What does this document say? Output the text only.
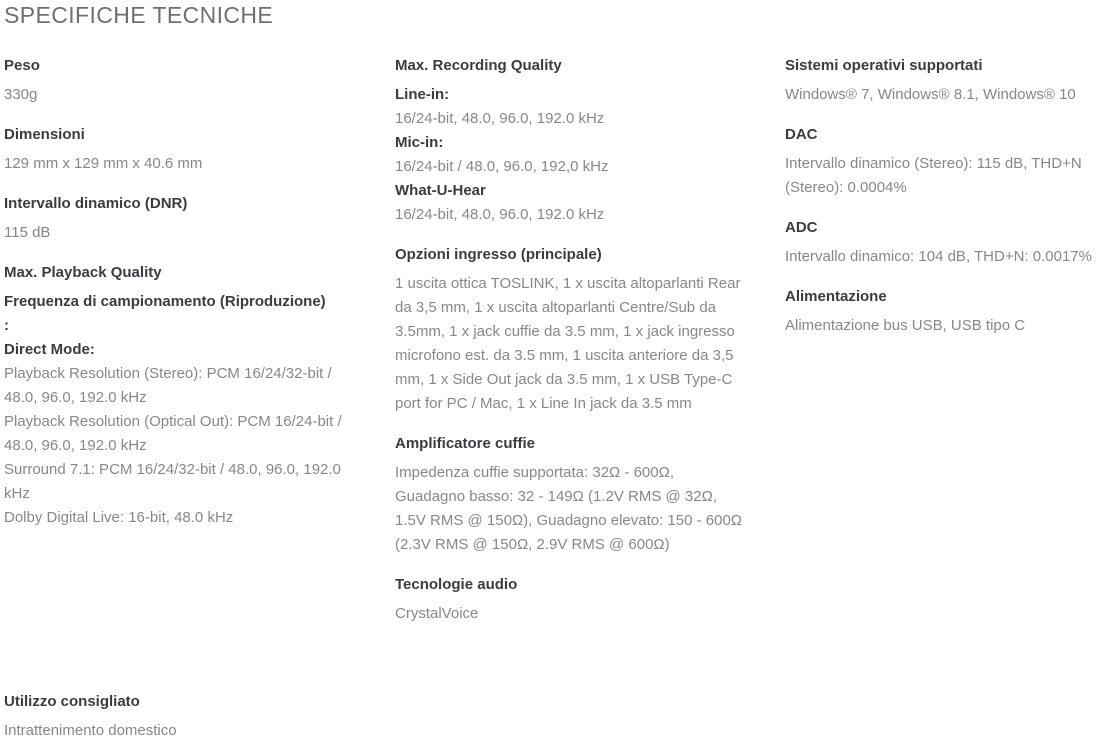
SPECIFICHE TECNICHE
Peso
330g
Dimensioni
129 mm x 129 mm x 40.6 mm
Intervallo dinamico (DNR)
115 dB
Max. Playback Quality
Frequenza di campionamento (Riproduzione)
:
Direct Mode:
Playback Resolution (Stereo): PCM 16/24/32-bit / 48.0, 96.0, 192.0 kHz
Playback Resolution (Optical Out): PCM 16/24-bit / 48.0, 96.0, 192.0 kHz
Surround 7.1: PCM 16/24/32-bit / 48.0, 96.0, 192.0 kHz
Dolby Digital Live: 16-bit, 48.0 kHz
Utilizzo consigliato
Intrattenimento domestico
Max. Recording Quality
Line-in:
16/24-bit, 48.0, 96.0, 192.0 kHz
Mic-in:
16/24-bit / 48.0, 96.0, 192,0 kHz
What-U-Hear
16/24-bit, 48.0, 96.0, 192.0 kHz
Opzioni ingresso (principale)
1 uscita ottica TOSLINK, 1 x uscita altoparlanti Rear da 3,5 mm, 1 x uscita altoparlanti Centre/Sub da 3.5mm, 1 x jack cuffie da 3.5 mm, 1 x jack ingresso microfono est. da 3.5 mm, 1 uscita anteriore da 3,5 mm, 1 x Side Out jack da 3.5 mm, 1 x USB Type-C port for PC / Mac, 1 x Line In jack da 3.5 mm
Amplificatore cuffie
Impedenza cuffie supportata: 32Ω - 600Ω, Guadagno basso: 32 - 149Ω (1.2V RMS @ 32Ω, 1.5V RMS @ 150Ω), Guadagno elevato: 150 - 600Ω (2.3V RMS @ 150Ω, 2.9V RMS @ 600Ω)
Tecnologie audio
CrystalVoice
Sistemi operativi supportati
Windows® 7, Windows® 8.1, Windows® 10
DAC
Intervallo dinamico (Stereo): 115 dB, THD+N (Stereo): 0.0004%
ADC
Intervallo dinamico: 104 dB, THD+N: 0.0017%
Alimentazione
Alimentazione bus USB, USB tipo C
